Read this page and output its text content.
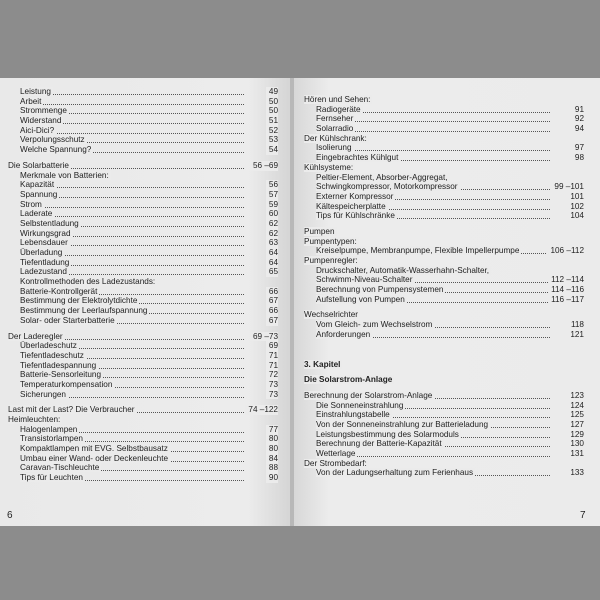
Leistung	49
Arbeit	50
Strommenge	50
Widerstand	51
Aici-Dici?	52
Verpolungsschutz	53
Welche Spannung?	54
Die Solarbatterie	56 –69
Merkmale von Batterien:
Kapazität	56
Spannung	57
Strom	59
Laderate	60
Selbstentladung	62
Wirkungsgrad	62
Lebensdauer	63
Überladung	64
Tiefentladung	64
Ladezustand	65
Kontrollmethoden des Ladezustands:
Batterie-Kontrollgerät	66
Bestimmung der Elektrolytdichte	67
Bestimmung der Leerlaufspannung	66
Solar- oder Starterbatterie	67
Der Laderegler	69 –73
Überladeschutz	69
Tiefentladeschutz	71
Tiefentladespannung	71
Batterie-Sensorleitung	72
Temperaturkompensation	73
Sicherungen	73
Last mit der Last? Die Verbraucher	74 –122
Heimleuchten:
Halogenlampen	77
Transistorlampen	80
Kompaktlampen mit EVG. Selbstbausatz	80
Umbau einer Wand- oder Deckenleuchte	84
Caravan-Tischleuchte	88
Tips für Leuchten	90
Hören und Sehen:
Radiogeräte	91
Fernseher	92
Solarradio	94
Der Kühlschrank:
Isolierung	97
Eingebrachtes Kühlgut	98
Kühlsysteme:
Peltier-Element, Absorber-Aggregat,
Schwingkompressor, Motorkompressor	99 –101
Externer Kompressor	101
Kältespeicherplatte	102
Tips für Kühlschränke	104
Pumpen
Pumpentypen:
Kreiselpumpe, Membranpumpe, Flexible Impellerpumpe	106 –112
Pumpenregler:
Druckschalter, Automatik-Wasserhahn-Schalter,
Schwimm-Niveau-Schalter	112 –114
Berechnung von Pumpensystemen	114 –116
Aufstellung von Pumpen	116 –117
Wechselrichter
Vom Gleich- zum Wechselstrom	118
Anforderungen	121
3. Kapitel
Die Solarstrom-Anlage
Berechnung der Solarstrom-Anlage	123
Die Sonneneinstrahlung	124
Einstrahlungstabelle	125
Von der Sonneneinstrahlung zur Batterieladung	127
Leistungsbestimmung des Solarmoduls	129
Berechnung der Batterie-Kapazität	130
Wetterlage	131
Der Strombedarf:
Von der Ladungserhaltung zum Ferienhaus	133
6	7
